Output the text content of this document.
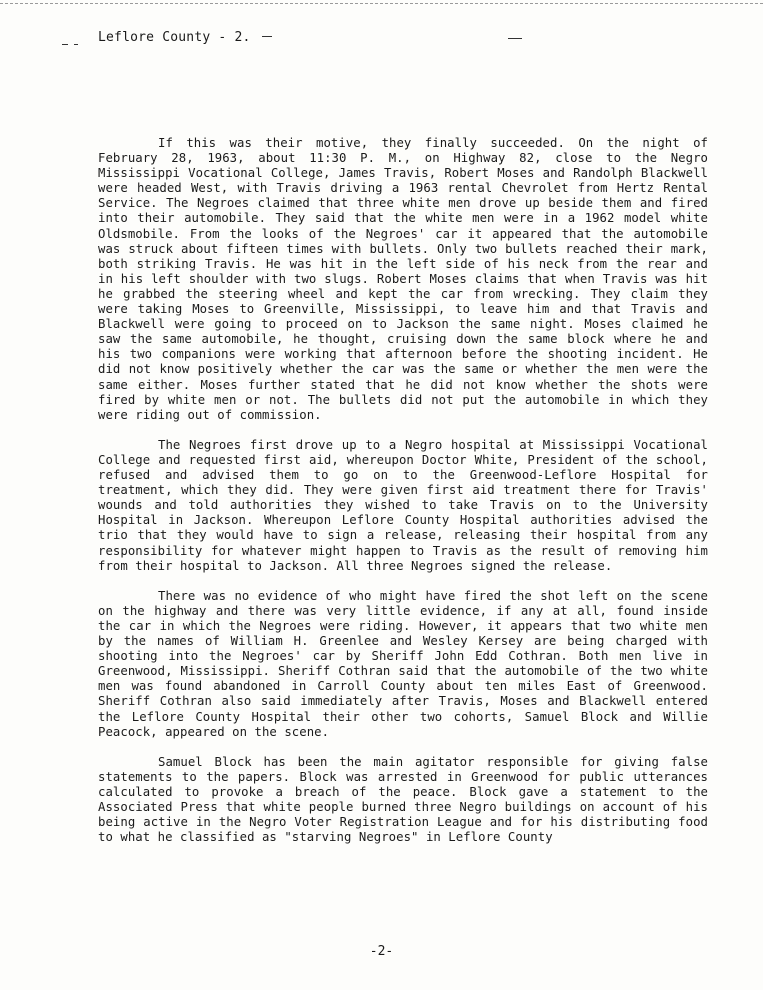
Leflore County - 2.

If this was their motive, they finally succeeded. On the night of February 28, 1963, about 11:30 P. M., on Highway 82, close to the Negro Mississippi Vocational College, James Travis, Robert Moses and Randolph Blackwell were headed West, with Travis driving a 1963 rental Chevrolet from Hertz Rental Service. The Negroes claimed that three white men drove up beside them and fired into their automobile. They said that the white men were in a 1962 model white Oldsmobile. From the looks of the Negroes' car it appeared that the automobile was struck about fifteen times with bullets. Only two bullets reached their mark, both striking Travis. He was hit in the left side of his neck from the rear and in his left shoulder with two slugs. Robert Moses claims that when Travis was hit he grabbed the steering wheel and kept the car from wrecking. They claim they were taking Moses to Greenville, Mississippi, to leave him and that Travis and Blackwell were going to proceed on to Jackson the same night. Moses claimed he saw the same automobile, he thought, cruising down the same block where he and his two companions were working that afternoon before the shooting incident. He did not know positively whether the car was the same or whether the men were the same either. Moses further stated that he did not know whether the shots were fired by white men or not. The bullets did not put the automobile in which they were riding out of commission.

The Negroes first drove up to a Negro hospital at Mississippi Vocational College and requested first aid, whereupon Doctor White, President of the school, refused and advised them to go on to the Greenwood-Leflore Hospital for treatment, which they did. They were given first aid treatment there for Travis' wounds and told authorities they wished to take Travis on to the University Hospital in Jackson. Whereupon Leflore County Hospital authorities advised the trio that they would have to sign a release, releasing their hospital from any responsibility for whatever might happen to Travis as the result of removing him from their hospital to Jackson. All three Negroes signed the release.

There was no evidence of who might have fired the shot left on the scene on the highway and there was very little evidence, if any at all, found inside the car in which the Negroes were riding. However, it appears that two white men by the names of William H. Greenlee and Wesley Kersey are being charged with shooting into the Negroes' car by Sheriff John Edd Cothran. Both men live in Greenwood, Mississippi. Sheriff Cothran said that the automobile of the two white men was found abandoned in Carroll County about ten miles East of Greenwood. Sheriff Cothran also said immediately after Travis, Moses and Blackwell entered the Leflore County Hospital their other two cohorts, Samuel Block and Willie Peacock, appeared on the scene.

Samuel Block has been the main agitator responsible for giving false statements to the papers. Block was arrested in Greenwood for public utterances calculated to provoke a breach of the peace. Block gave a statement to the Associated Press that white people burned three Negro buildings on account of his being active in the Negro Voter Registration League and for his distributing food to what he classified as "starving Negroes" in Leflore County

-2-
